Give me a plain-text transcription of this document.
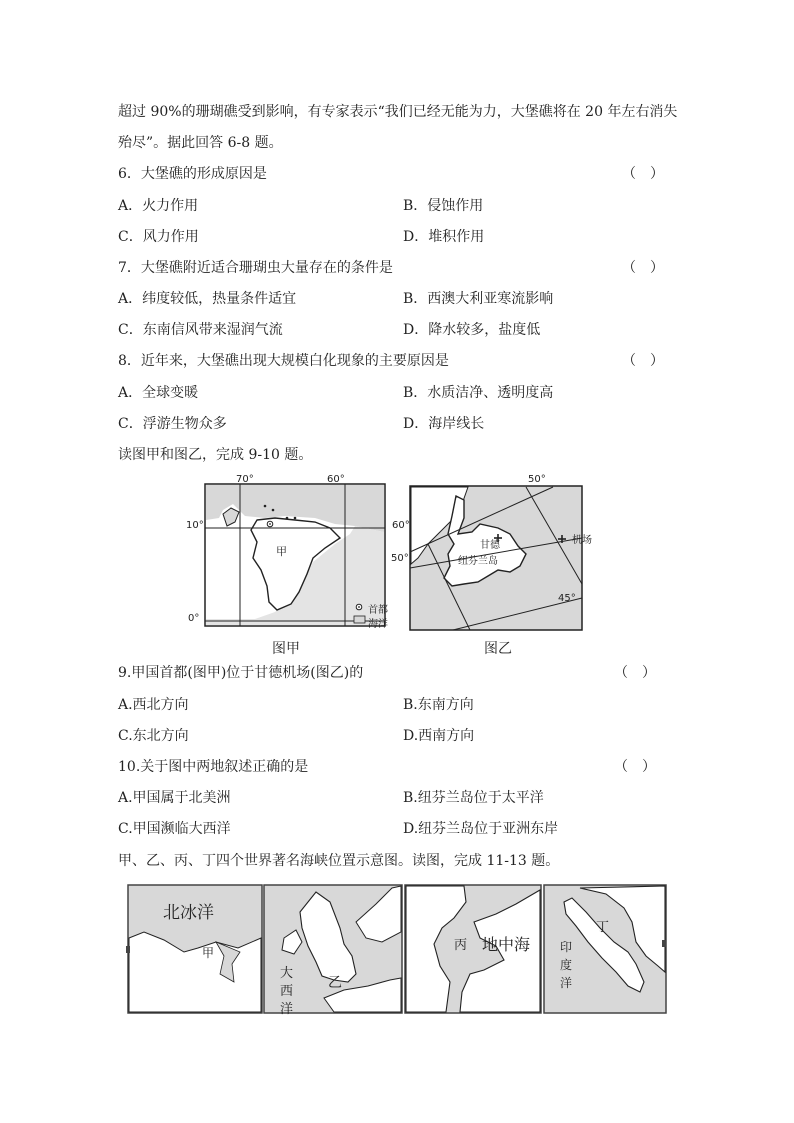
超过 90%的珊瑚礁受到影响，有专家表示“我们已经无能为力，大堡礁将在 20 年左右消失
殆尽”。据此回答 6-8 题。
6．大堡礁的形成原因是	（　）
A．火力作用	B．侵蚀作用
C．风力作用	D．堆积作用
7．大堡礁附近适合珊瑚虫大量存在的条件是	（　）
A．纬度较低，热量条件适宜	B．西澳大利亚寒流影响
C．东南信风带来湿润气流	D．降水较多，盐度低
8．近年来，大堡礁出现大规模白化现象的主要原因是	（　）
A．全球变暖	B．水质洁净、透明度高
C．浮游生物众多	D．海岸线长
读图甲和图乙，完成 9-10 题。
70°	60°
10°
0°
甲
首都
海洋
图甲
50°
60°
50°
45°
甘德
纽芬兰岛
机场
图乙
9.甲国首都(图甲)位于甘德机场(图乙)的	（　）
A.西北方向	B.东南方向
C.东北方向	D.西南方向
10.关于图中两地叙述正确的是	（　）
A.甲国属于北美洲	B.纽芬兰岛位于太平洋
C.甲国濒临大西洋	D.纽芬兰岛位于亚洲东岸
甲、乙、丙、丁四个世界著名海峡位置示意图。读图，完成 11-13 题。
北冰洋
甲
大
西
洋
乙
丙 地中海
丁
印
度
洋
